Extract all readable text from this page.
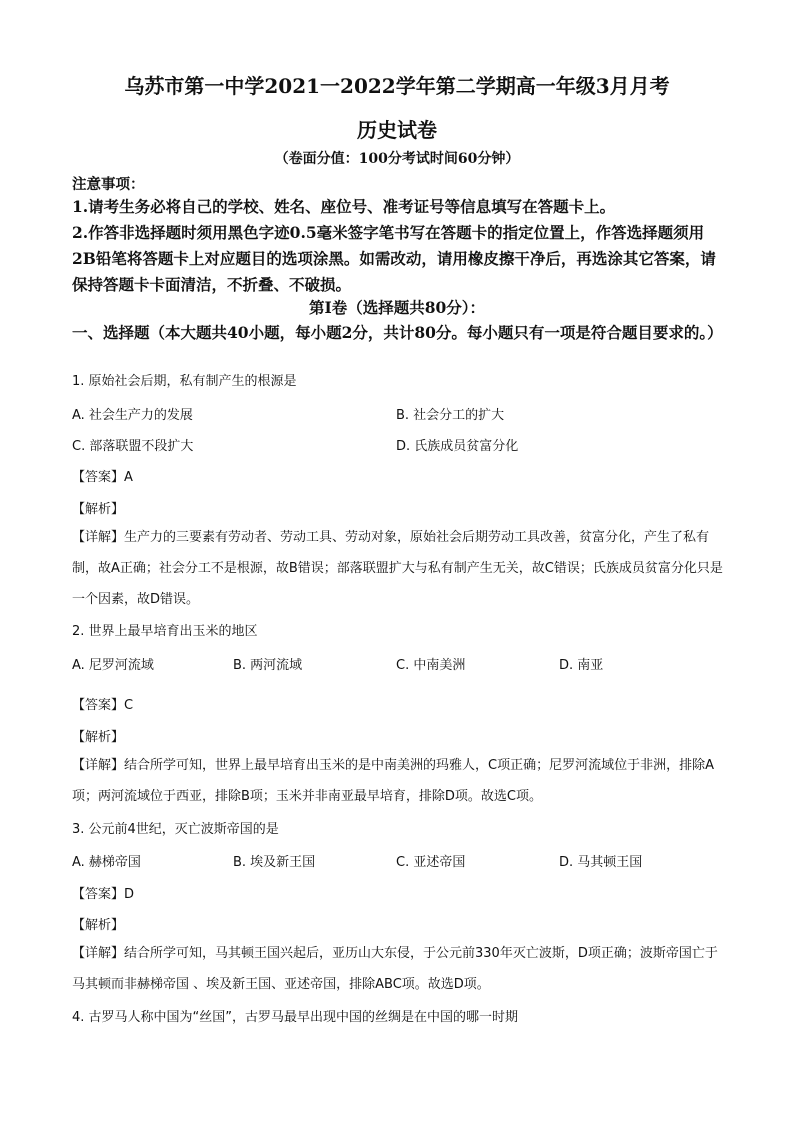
乌苏市第一中学2021一2022学年第二学期高一年级3月月考
历史试卷
（卷面分值：100分考试时间60分钟）
注意事项：
1.请考生务必将自己的学校、姓名、座位号、准考证号等信息填写在答题卡上。
2.作答非选择题时须用黑色字迹0.5毫米签字笔书写在答题卡的指定位置上，作答选择题须用2B铅笔将答题卡上对应题目的选项涂黑。如需改动，请用橡皮擦干净后，再选涂其它答案，请保持答题卡卡面清洁，不折叠、不破损。
第I卷（选择题共80分）：
一、选择题（本大题共40小题，每小题2分，共计80分。每小题只有一项是符合题目要求的。）
1. 原始社会后期，私有制产生的根源是
A. 社会生产力的发展	B. 社会分工的扩大
C. 部落联盟不段扩大	D. 氏族成员贫富分化
【答案】A
【解析】
【详解】生产力的三要素有劳动者、劳动工具、劳动对象，原始社会后期劳动工具改善，贫富分化，产生了私有制，故A正确；社会分工不是根源，故B错误；部落联盟扩大与私有制产生无关，故C错误；氏族成员贫富分化只是一个因素，故D错误。
2. 世界上最早培育出玉米的地区
A. 尼罗河流域	B. 两河流域	C. 中南美洲	D. 南亚
【答案】C
【解析】
【详解】结合所学可知，世界上最早培育出玉米的是中南美洲的玛雅人，C项正确；尼罗河流域位于非洲，排除A项；两河流域位于西亚，排除B项；玉米并非南亚最早培育，排除D项。故选C项。
3. 公元前4世纪，灭亡波斯帝国的是
A. 赫梯帝国	B. 埃及新王国	C. 亚述帝国	D. 马其顿王国
【答案】D
【解析】
【详解】结合所学可知，马其顿王国兴起后，亚历山大东侵，于公元前330年灭亡波斯，D项正确；波斯帝国亡于马其顿而非赫梯帝国 、埃及新王国、亚述帝国，排除ABC项。故选D项。
4. 古罗马人称中国为“丝国”，古罗马最早出现中国的丝绸是在中国的哪一时期
